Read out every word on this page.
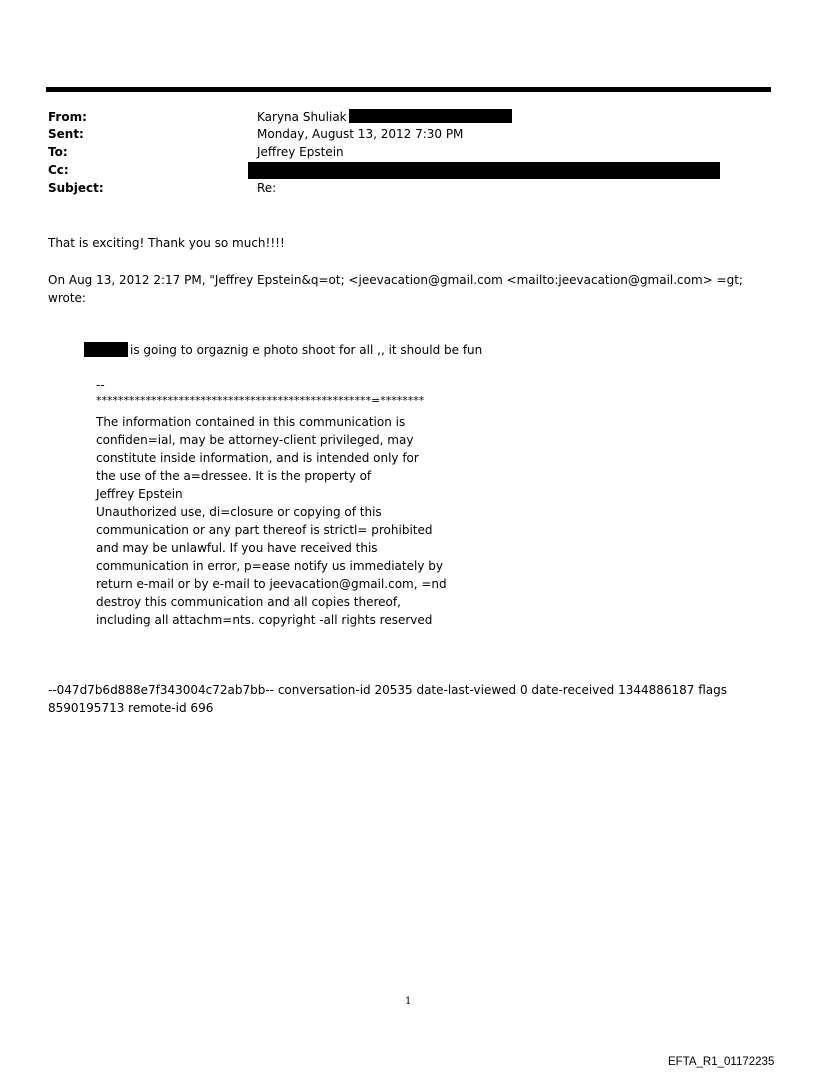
From:	Karyna Shuliak
Sent:	Monday, August 13, 2012 7:30 PM
To:	Jeffrey Epstein
Cc:
Subject:	Re:
That is exciting! Thank you so much!!!!
On Aug 13, 2012 2:17 PM, "Jeffrey Epstein&q=ot; <jeevacation@gmail.com <mailto:jeevacation@gmail.com> =gt;
wrote:
is going to orgaznig e photo shoot for all ,, it should be fun
--
**************************************************=********
The information contained in this communication is
confiden=ial, may be attorney-client privileged, may
constitute inside information, and is intended only for
the use of the a=dressee. It is the property of
Jeffrey Epstein
Unauthorized use, di=closure or copying of this
communication or any part thereof is strictl= prohibited
and may be unlawful. If you have received this
communication in error, p=ease notify us immediately by
return e-mail or by e-mail to jeevacation@gmail.com, =nd
destroy this communication and all copies thereof,
including all attachm=nts. copyright -all rights reserved
--047d7b6d888e7f343004c72ab7bb-- conversation-id 20535 date-last-viewed 0 date-received 1344886187 flags
8590195713 remote-id 696
1
EFTA_R1_01172235
